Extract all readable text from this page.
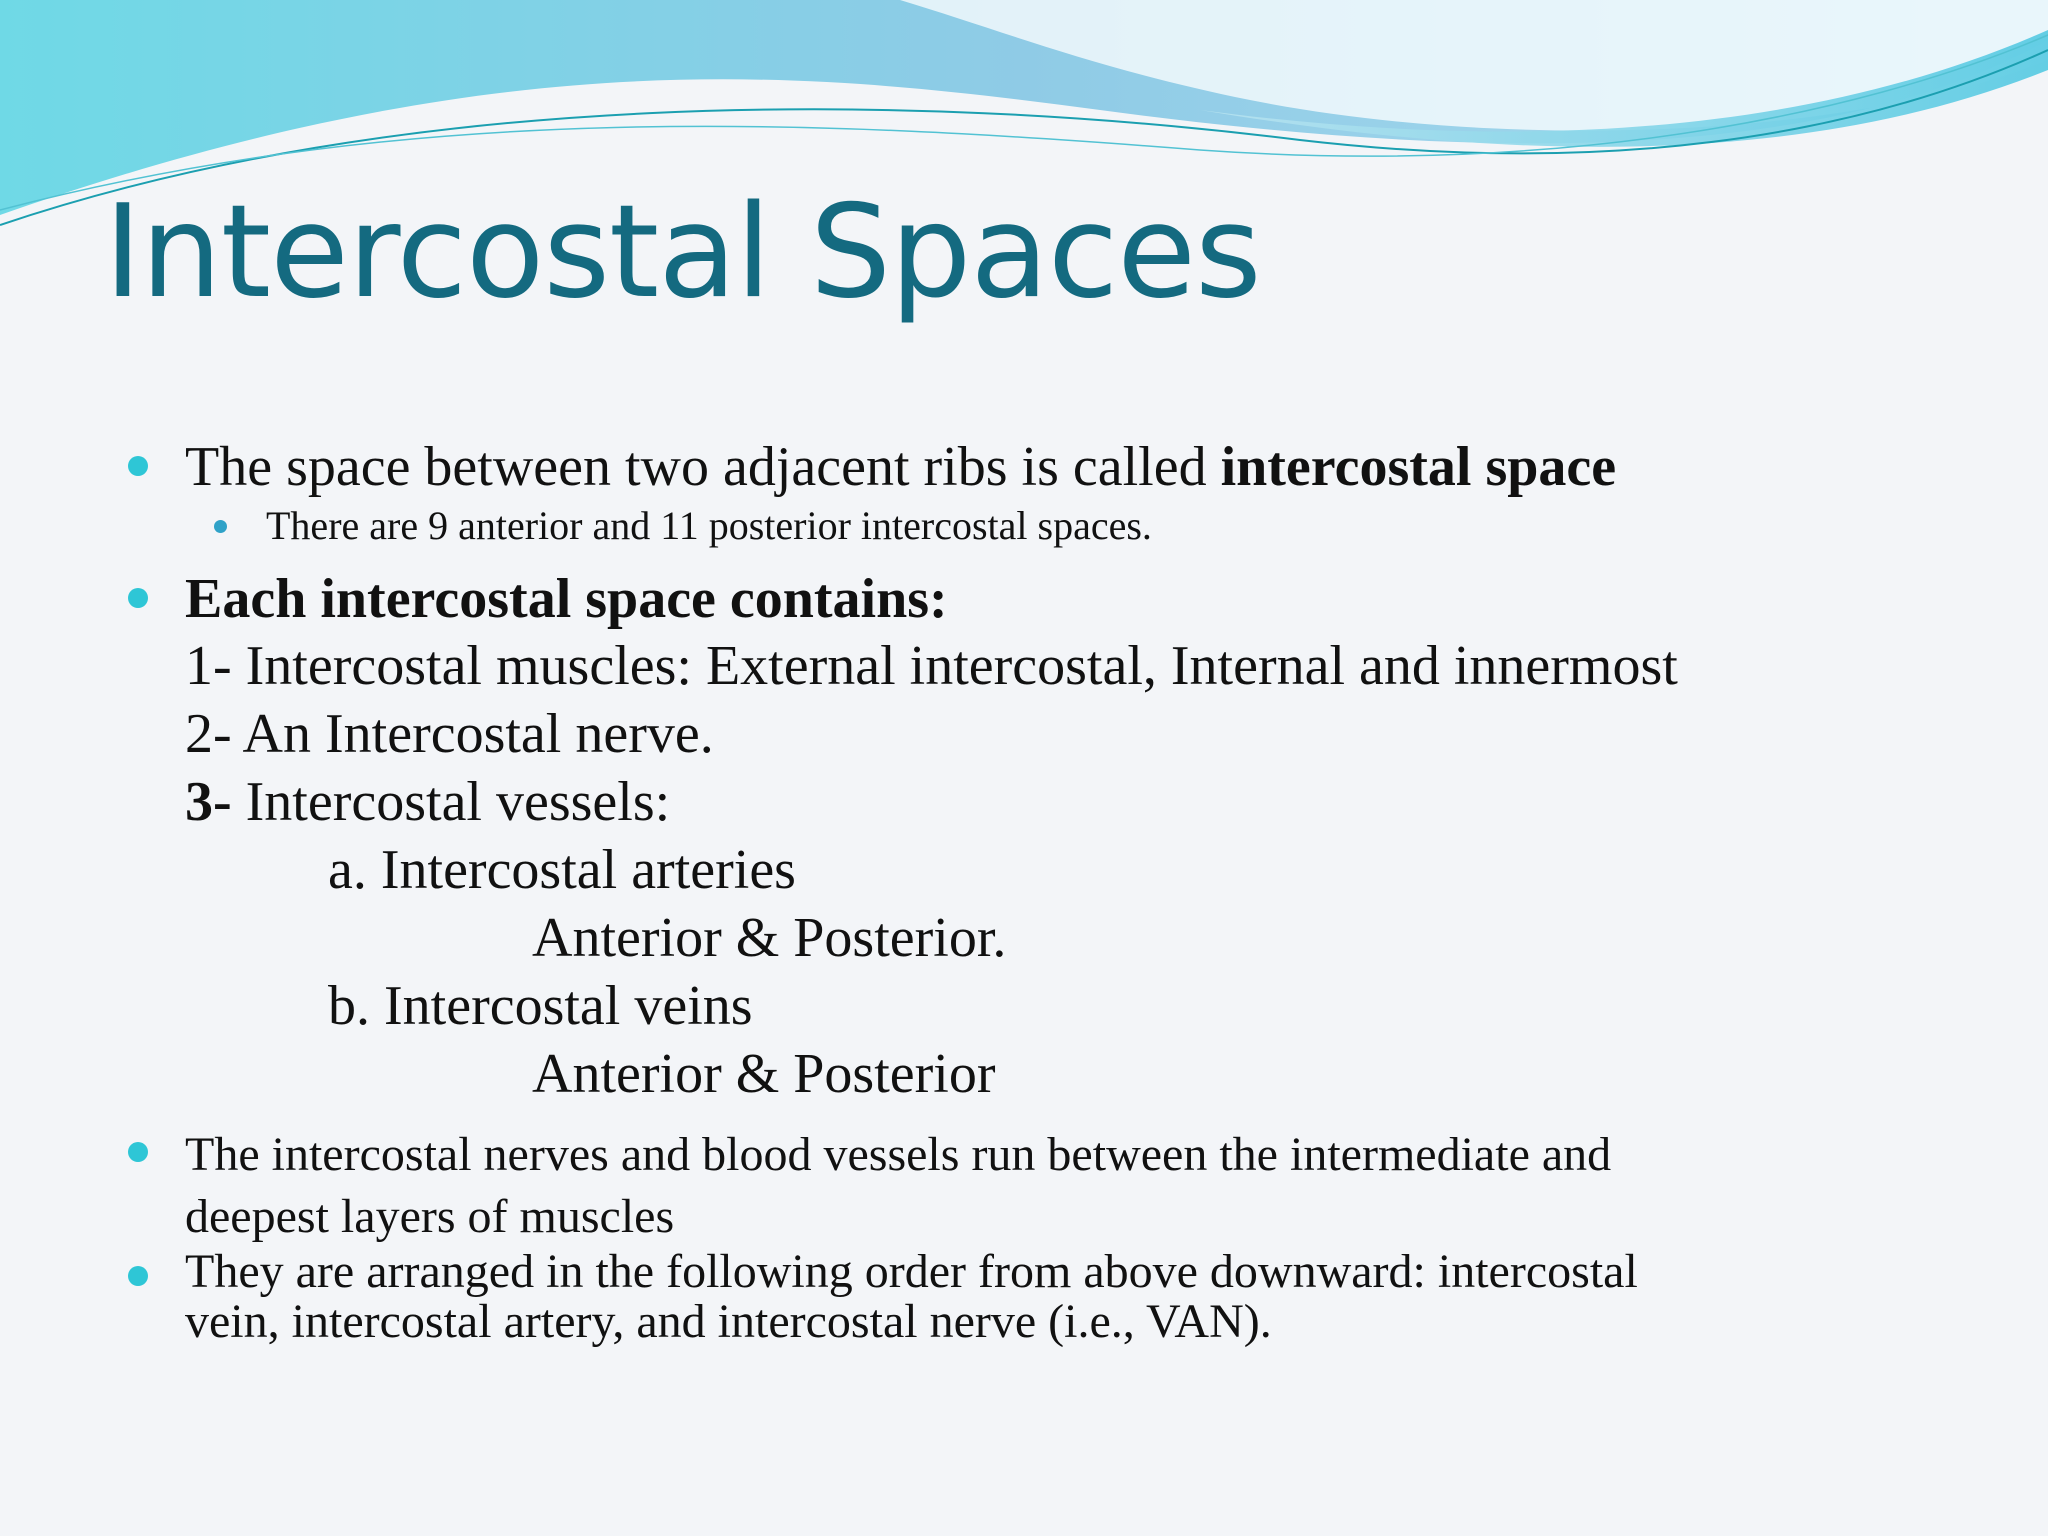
Intercostal Spaces
The space between two adjacent ribs is called intercostal space
There are 9 anterior and 11 posterior intercostal spaces.
Each intercostal space contains:
1- Intercostal muscles: External intercostal, Internal and innermost
2- An Intercostal nerve.
3- Intercostal vessels:
a. Intercostal arteries
Anterior & Posterior.
b. Intercostal veins
Anterior & Posterior
The intercostal nerves and blood vessels run between the intermediate and
deepest layers of muscles
They are arranged in the following order from above downward: intercostal
vein, intercostal artery, and intercostal nerve (i.e., VAN).
